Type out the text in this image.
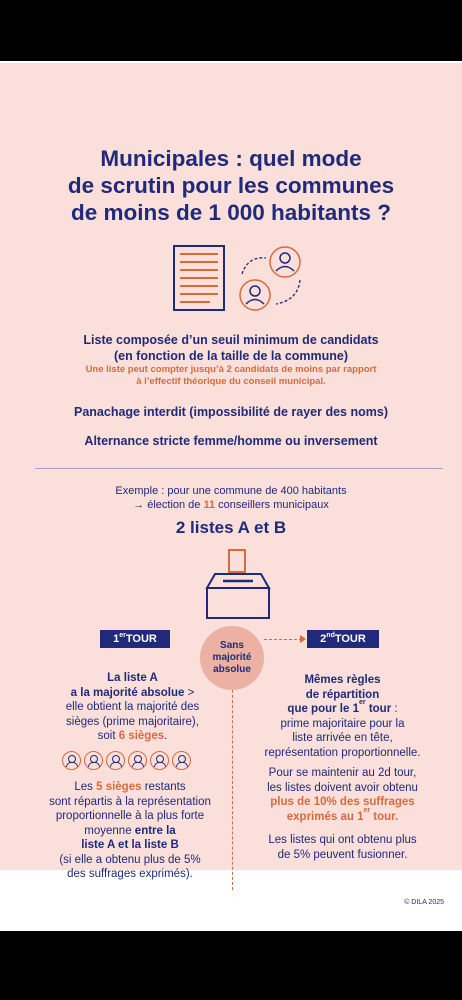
Municipales : quel mode
de scrutin pour les communes
de moins de 1 000 habitants ?
Liste composée d’un seuil minimum de candidats
(en fonction de la taille de la commune)
Une liste peut compter jusqu’à 2 candidats de moins par rapport
à l’effectif théorique du conseil municipal.
Panachage interdit (impossibilité de rayer des noms)
Alternance stricte femme/homme ou inversement
Exemple : pour une commune de 400 habitants
→ élection de 11 conseillers municipaux
2 listes A et B
1er TOUR	2nd TOUR
Sans
majorité
absolue

La liste A

a la majorité absolue >

elle obtient la majorité des

sièges (prime majoritaire),

soit 6 sièges.

Les 5 sièges restants

sont répartis à la représentation

proportionnelle à la plus forte

moyenne entre la

liste A et la liste B

(si elle a obtenu plus de 5%

des suffrages exprimés).

Mêmes règles

de répartition

que pour le 1er tour :

prime majoritaire pour la

liste arrivée en tête,

représentation proportionnelle.

Pour se maintenir au 2d tour,

les listes doivent avoir obtenu

plus de 10% des suffrages

exprimés au 1er tour.

Les listes qui ont obtenu plus

de 5% peuvent fusionner.

© DILA 2025
